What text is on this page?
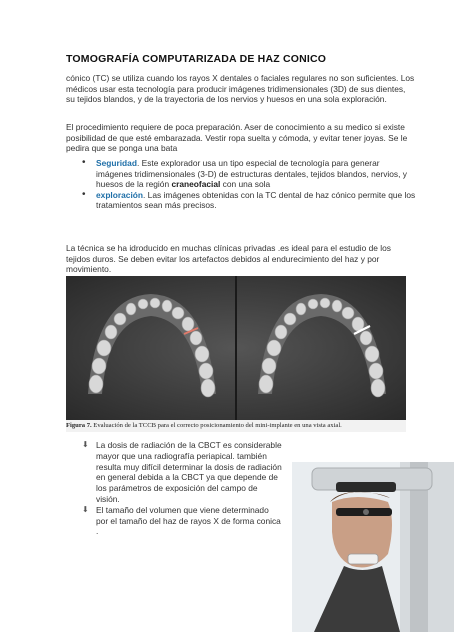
TOMOGRAFÍA COMPUTARIZADA DE HAZ CONICO
cónico (TC) se utiliza cuando los rayos X dentales o faciales regulares no son suficientes. Los médicos usar esta tecnología para producir imágenes tridimensionales (3D) de sus dientes, su tejidos blandos, y de la trayectoria de los nervios y huesos en una sola exploración.
El procedimiento requiere de poca preparación. Aser de conocimiento a su medico si existe posibilidad de que esté embarazada. Vestir ropa suelta y cómoda, y evitar tener joyas. Se le pedira que se ponga una bata
• Seguridad. Este explorador usa un tipo especial de tecnología para generar imágenes tridimensionales (3-D) de estructuras dentales, tejidos blandos, nervios, y huesos de la región craneofacial con una sola
• exploración. Las imágenes obtenidas con la TC dental de haz cónico permite que los tratamientos sean más precisos.
La técnica se ha idroducido en muchas clínicas privadas .es ideal para el estudio de los tejidos duros. Se deben evitar los artefactos debidos al endurecimiento del haz y por movimiento.
Figura 7. Evaluación de la TCCB para el correcto posicionamiento del mini-implante en una vista axial.
⬇ La dosis de radiación de la CBCT es considerable mayor que una radiografía periapical. también resulta muy difícil determinar la dosis de radiación en general debida a la CBCT ya que depende de los parámetros de exposición del campo de visión.
⬇ El tamaño del volumen que viene determinado por el tamaño del haz de rayos X de forma conica .
